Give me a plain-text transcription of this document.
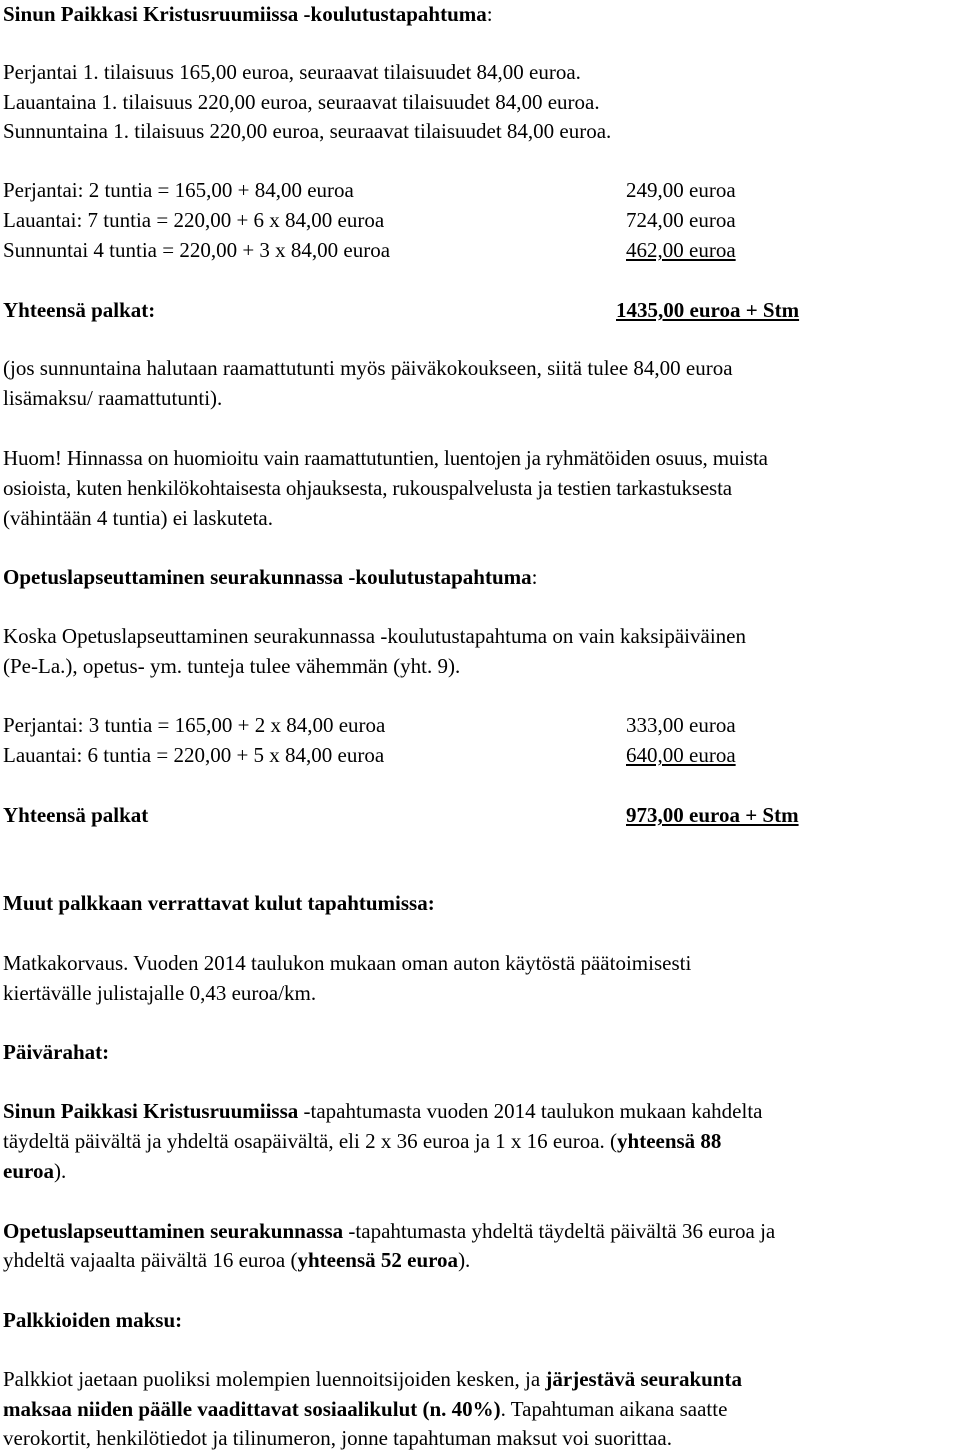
Sinun Paikkasi Kristusruumiissa -koulutustapahtuma:
Perjantai 1. tilaisuus 165,00 euroa, seuraavat tilaisuudet 84,00 euroa.
Lauantaina 1. tilaisuus 220,00 euroa, seuraavat tilaisuudet 84,00 euroa.
Sunnuntaina 1. tilaisuus 220,00 euroa, seuraavat tilaisuudet 84,00 euroa.
Perjantai: 2 tuntia = 165,00 + 84,00 euroa	249,00 euroa
Lauantai: 7 tuntia = 220,00 + 6 x 84,00 euroa	724,00 euroa
Sunnuntai 4 tuntia = 220,00 + 3 x 84,00 euroa	462,00 euroa
Yhteensä palkat:	1435,00 euroa + Stm
(jos sunnuntaina halutaan raamattutunti myös päiväkokoukseen, siitä tulee 84,00 euroa
lisämaksu/ raamattutunti).
Huom! Hinnassa on huomioitu vain raamattutuntien, luentojen ja ryhmätöiden osuus, muista
osioista, kuten henkilökohtaisesta ohjauksesta, rukouspalvelusta ja testien tarkastuksesta
(vähintään 4 tuntia) ei laskuteta.
Opetuslapseuttaminen seurakunnassa -koulutustapahtuma:
Koska Opetuslapseuttaminen seurakunnassa -koulutustapahtuma on vain kaksipäiväinen
(Pe-La.), opetus- ym. tunteja tulee vähemmän (yht. 9).
Perjantai: 3 tuntia = 165,00 + 2 x 84,00 euroa	333,00 euroa
Lauantai: 6 tuntia = 220,00 + 5 x 84,00 euroa	640,00 euroa
Yhteensä palkat	973,00 euroa + Stm
Muut palkkaan verrattavat kulut tapahtumissa:
Matkakorvaus. Vuoden 2014 taulukon mukaan oman auton käytöstä päätoimisesti
kiertävälle julistajalle 0,43 euroa/km.
Päivärahat:
Sinun Paikkasi Kristusruumiissa -tapahtumasta vuoden 2014 taulukon mukaan kahdelta
täydeltä päivältä ja yhdeltä osapäivältä, eli 2 x 36 euroa ja 1 x 16 euroa. (yhteensä 88
euroa).
Opetuslapseuttaminen seurakunnassa -tapahtumasta yhdeltä täydeltä päivältä 36 euroa ja
yhdeltä vajaalta päivältä 16 euroa (yhteensä 52 euroa).
Palkkioiden maksu:
Palkkiot jaetaan puoliksi molempien luennoitsijoiden kesken, ja järjestävä seurakunta
maksaa niiden päälle vaadittavat sosiaalikulut (n. 40%). Tapahtuman aikana saatte
verokortit, henkilötiedot ja tilinumeron, jonne tapahtuman maksut voi suorittaa.
